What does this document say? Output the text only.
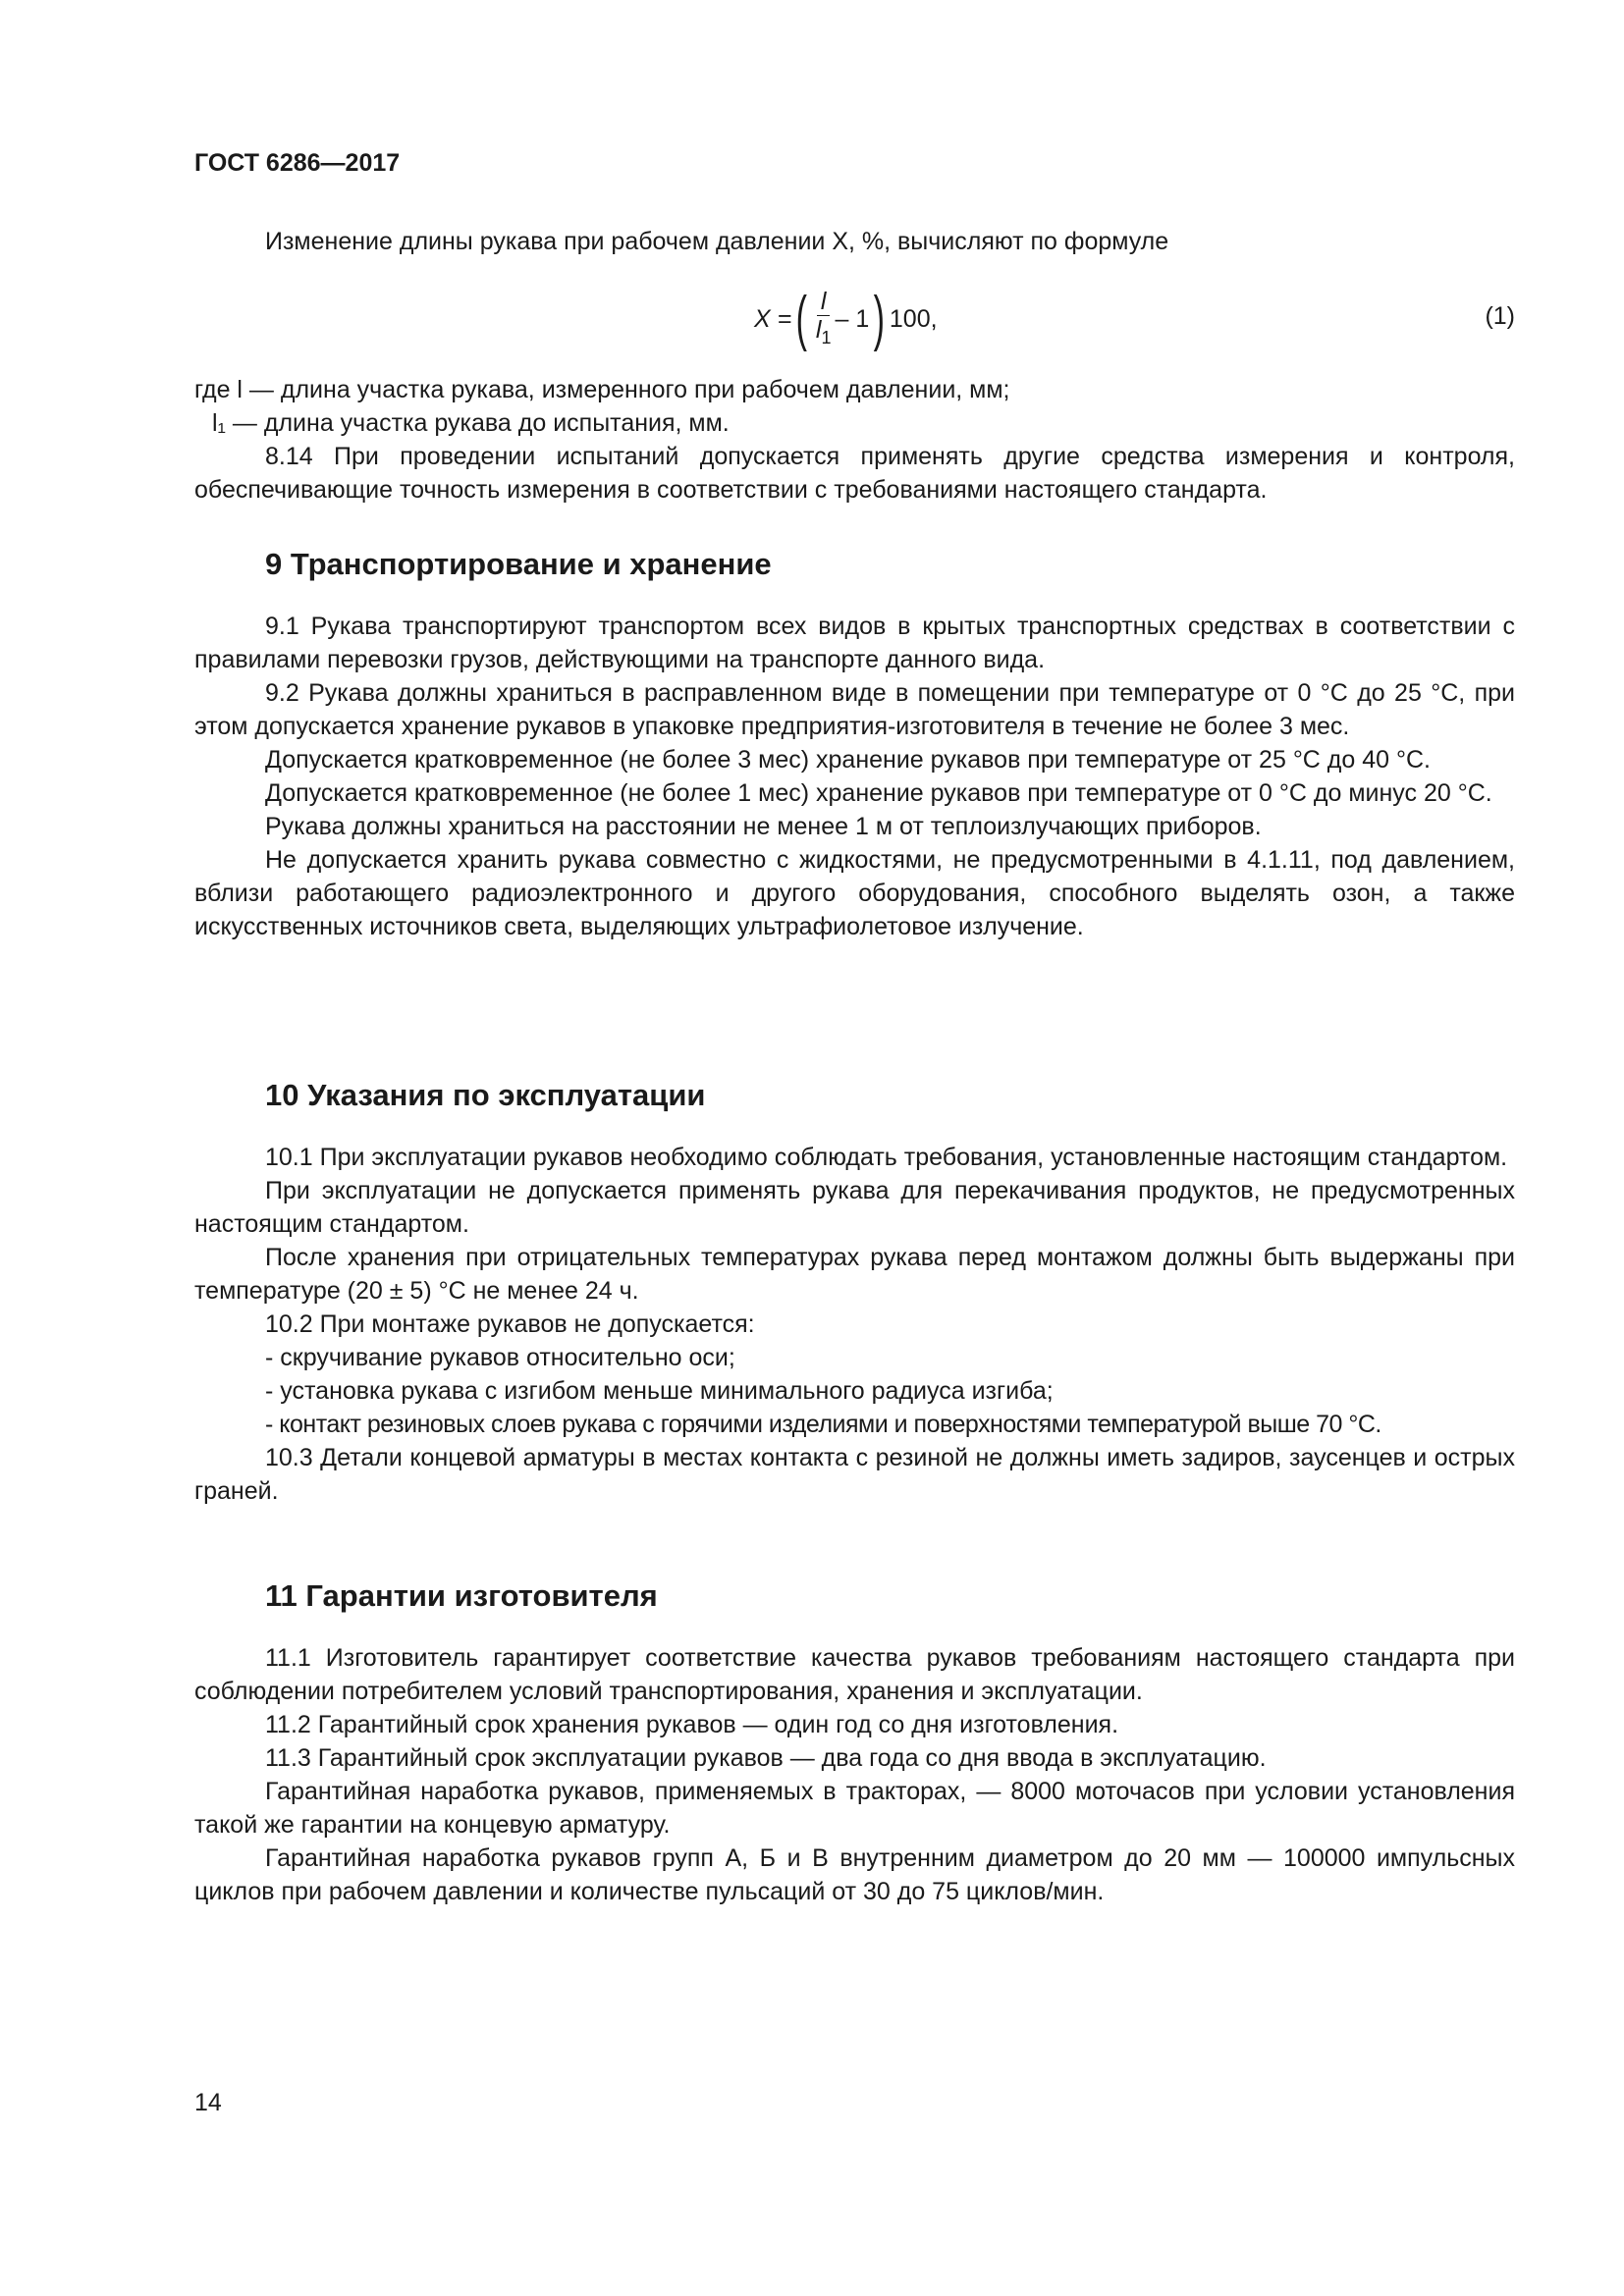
ГОСТ 6286—2017

Изменение длины рукава при рабочем давлении X, %, вычисляют по формуле

X = ( $\frac{l}{l_1} - 1$ ) 100,	(1)

где l — длина участка рукава, измеренного при рабочем давлении, мм;

l₁ — длина участка рукава до испытания, мм.

8.14 При проведении испытаний допускается применять другие средства измерения и контроля, обеспечивающие точность измерения в соответствии с требованиями настоящего стандарта.

9 Транспортирование и хранение

9.1 Рукава транспортируют транспортом всех видов в крытых транспортных средствах в соответствии с правилами перевозки грузов, действующими на транспорте данного вида.

9.2 Рукава должны храниться в расправленном виде в помещении при температуре от 0 °С до 25 °С, при этом допускается хранение рукавов в упаковке предприятия-изготовителя в течение не более 3 мес.

Допускается кратковременное (не более 3 мес) хранение рукавов при температуре от 25 °С до 40 °С.

Допускается кратковременное (не более 1 мес) хранение рукавов при температуре от 0 °С до минус 20 °С.

Рукава должны храниться на расстоянии не менее 1 м от теплоизлучающих приборов.

Не допускается хранить рукава совместно с жидкостями, не предусмотренными в 4.1.11, под давлением, вблизи работающего радиоэлектронного и другого оборудования, способного выделять озон, а также искусственных источников света, выделяющих ультрафиолетовое излучение.

10 Указания по эксплуатации

10.1 При эксплуатации рукавов необходимо соблюдать требования, установленные настоящим стандартом.

При эксплуатации не допускается применять рукава для перекачивания продуктов, не предусмотренных настоящим стандартом.

После хранения при отрицательных температурах рукава перед монтажом должны быть выдержаны при температуре (20 ± 5) °С не менее 24 ч.

10.2 При монтаже рукавов не допускается:

- скручивание рукавов относительно оси;

- установка рукава с изгибом меньше минимального радиуса изгиба;

- контакт резиновых слоев рукава с горячими изделиями и поверхностями температурой выше 70 °С.

10.3 Детали концевой арматуры в местах контакта с резиной не должны иметь задиров, заусенцев и острых граней.

11 Гарантии изготовителя

11.1 Изготовитель гарантирует соответствие качества рукавов требованиям настоящего стандарта при соблюдении потребителем условий транспортирования, хранения и эксплуатации.

11.2 Гарантийный срок хранения рукавов — один год со дня изготовления.

11.3 Гарантийный срок эксплуатации рукавов — два года со дня ввода в эксплуатацию.

Гарантийная наработка рукавов, применяемых в тракторах, — 8000 моточасов при условии установления такой же гарантии на концевую арматуру.

Гарантийная наработка рукавов групп А, Б и В внутренним диаметром до 20 мм — 100000 импульсных циклов при рабочем давлении и количестве пульсаций от 30 до 75 циклов/мин.

14
